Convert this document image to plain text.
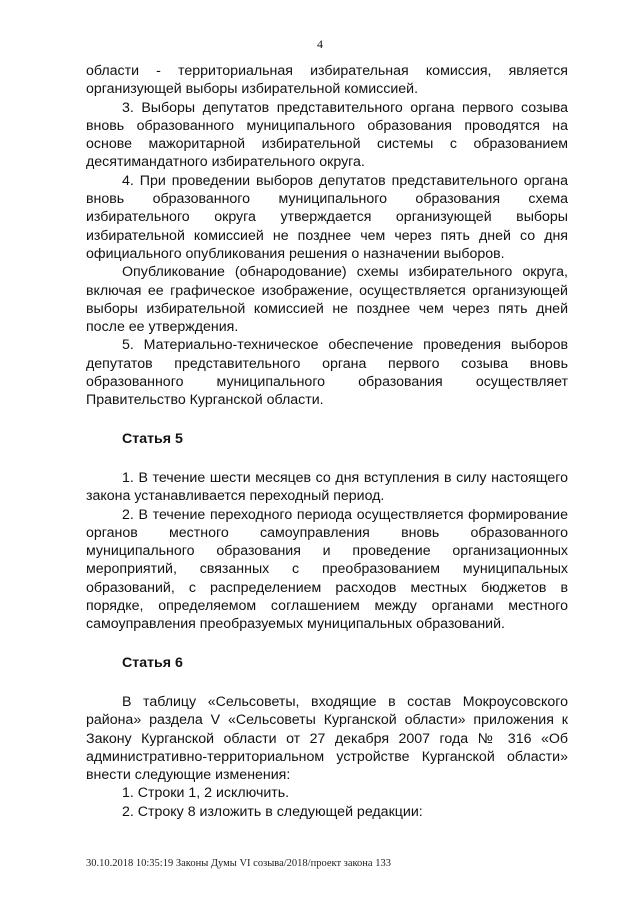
4

области - территориальная избирательная комиссия, является организующей выборы избирательной комиссией.

3. Выборы депутатов представительного органа первого созыва вновь образованного муниципального образования проводятся на основе мажоритарной избирательной системы с образованием десятимандатного избирательного округа.

4. При проведении выборов депутатов представительного органа вновь образованного муниципального образования схема избирательного округа утверждается организующей выборы избирательной комиссией не позднее чем через пять дней со дня официального опубликования решения о назначении выборов.

Опубликование (обнародование) схемы избирательного округа, включая ее графическое изображение, осуществляется организующей выборы избирательной комиссией не позднее чем через пять дней после ее утверждения.

5. Материально-техническое обеспечение проведения выборов депутатов представительного органа первого созыва вновь образованного муниципального образования осуществляет Правительство Курганской области.

Статья 5

1. В течение шести месяцев со дня вступления в силу настоящего закона устанавливается переходный период.

2. В течение переходного периода осуществляется формирование органов местного самоуправления вновь образованного муниципального образования и проведение организационных мероприятий, связанных с преобразованием муниципальных образований, с распределением расходов местных бюджетов в порядке, определяемом соглашением между органами местного самоуправления преобразуемых муниципальных образований.

Статья 6

В таблицу «Сельсоветы, входящие в состав Мокроусовского района» раздела V «Сельсоветы Курганской области» приложения к Закону Курганской области от 27 декабря 2007 года № 316 «Об административно-территориальном устройстве Курганской области» внести следующие изменения:

1. Строки 1, 2 исключить.

2. Строку 8 изложить в следующей редакции:

30.10.2018 10:35:19 Законы Думы VI созыва/2018/проект закона 133
